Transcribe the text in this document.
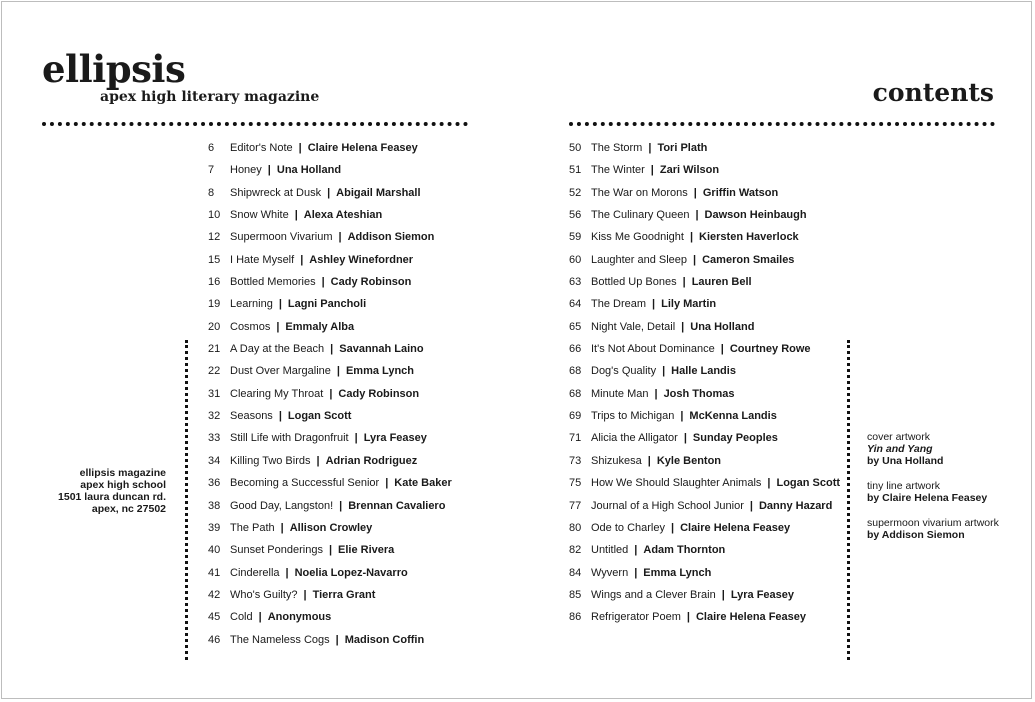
ellipsis
apex high literary magazine	contents
6 Editor's Note | Claire Helena Feasey
7 Honey | Una Holland
8 Shipwreck at Dusk | Abigail Marshall
10 Snow White | Alexa Ateshian
12 Supermoon Vivarium | Addison Siemon
15 I Hate Myself | Ashley Winefordner
16 Bottled Memories | Cady Robinson
19 Learning | Lagni Pancholi
20 Cosmos | Emmaly Alba
21 A Day at the Beach | Savannah Laino
22 Dust Over Margaline | Emma Lynch
31 Clearing My Throat | Cady Robinson
32 Seasons | Logan Scott
33 Still Life with Dragonfruit | Lyra Feasey
34 Killing Two Birds | Adrian Rodriguez
36 Becoming a Successful Senior | Kate Baker
38 Good Day, Langston! | Brennan Cavaliero
39 The Path | Allison Crowley
40 Sunset Ponderings | Elie Rivera
41 Cinderella | Noelia Lopez-Navarro
42 Who's Guilty? | Tierra Grant
45 Cold | Anonymous
46 The Nameless Cogs | Madison Coffin
50 The Storm | Tori Plath
51 The Winter | Zari Wilson
52 The War on Morons | Griffin Watson
56 The Culinary Queen | Dawson Heinbaugh
59 Kiss Me Goodnight | Kiersten Haverlock
60 Laughter and Sleep | Cameron Smailes
63 Bottled Up Bones | Lauren Bell
64 The Dream | Lily Martin
65 Night Vale, Detail | Una Holland
66 It's Not About Dominance | Courtney Rowe
68 Dog's Quality | Halle Landis
68 Minute Man | Josh Thomas
69 Trips to Michigan | McKenna Landis
71 Alicia the Alligator | Sunday Peoples
73 Shizukesa | Kyle Benton
75 How We Should Slaughter Animals | Logan Scott
77 Journal of a High School Junior | Danny Hazard
80 Ode to Charley | Claire Helena Feasey
82 Untitled | Adam Thornton
84 Wyvern | Emma Lynch
85 Wings and a Clever Brain | Lyra Feasey
86 Refrigerator Poem | Claire Helena Feasey
ellipsis magazine
apex high school
1501 laura duncan rd.
apex, nc 27502
cover artwork
Yin and Yang
by Una Holland
tiny line artwork
by Claire Helena Feasey
supermoon vivarium artwork
by Addison Siemon
